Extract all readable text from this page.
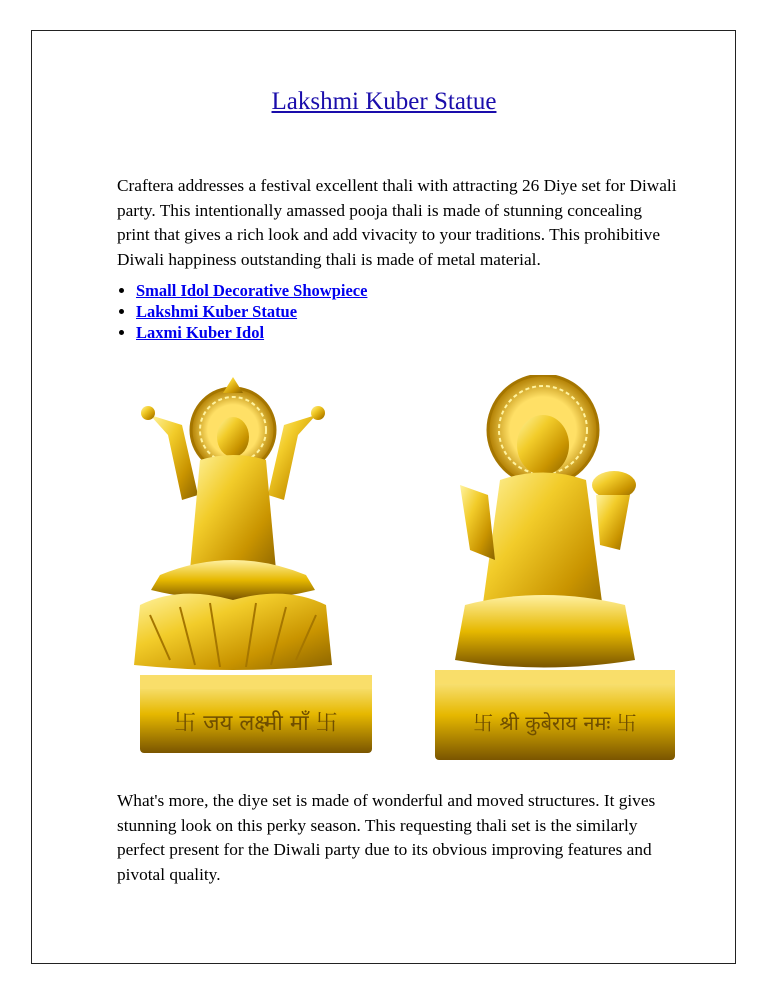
Lakshmi Kuber Statue

Craftera addresses a festival excellent thali with attracting 26 Diye set for Diwali party. This intentionally amassed pooja thali is made of stunning concealing print that gives a rich look and add vivacity to your traditions. This prohibitive Diwali happiness outstanding thali is made of metal material.

• Small Idol Decorative Showpiece
• Lakshmi Kuber Statue
• Laxmi Kuber Idol
卐 जय लक्ष्मी माँ 卐	卐 श्री कुबेराय नमः 卐

What's more, the diye set is made of wonderful and moved structures. It gives stunning look on this perky season. This requesting thali set is the similarly perfect present for the Diwali party due to its obvious improving features and pivotal quality.
